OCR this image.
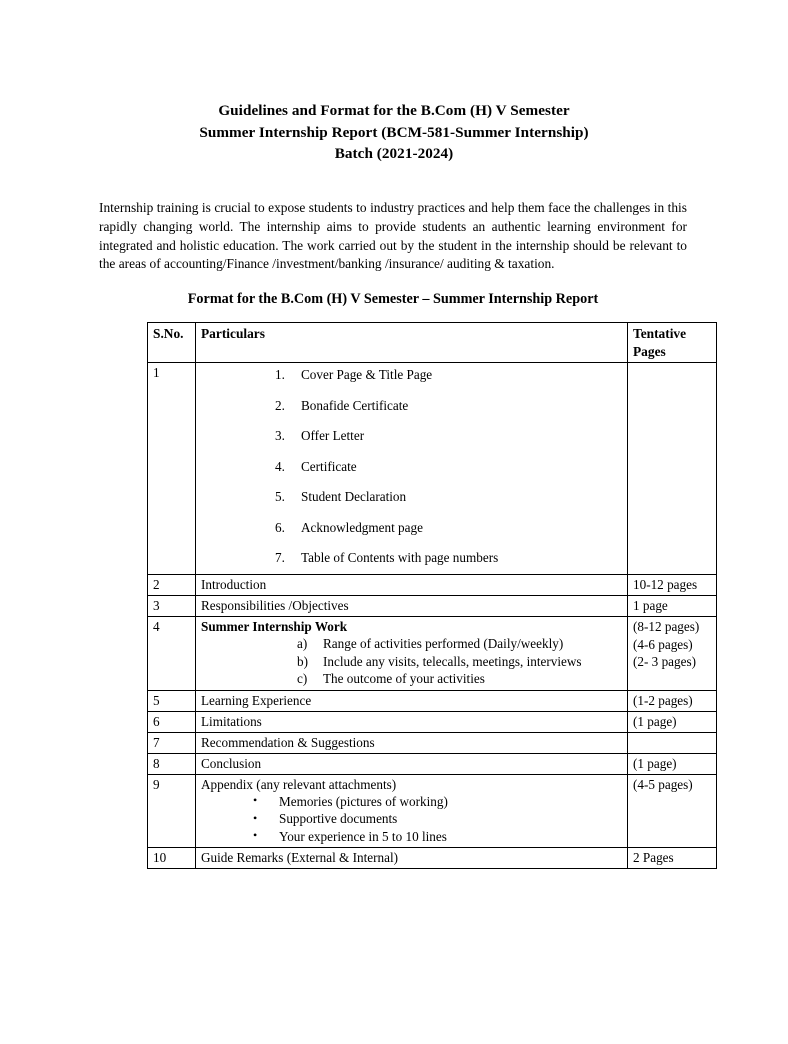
Guidelines and Format for the B.Com (H) V Semester
Summer Internship Report (BCM-581-Summer Internship)
Batch (2021-2024)

Internship training is crucial to expose students to industry practices and help them face the challenges in this rapidly changing world. The internship aims to provide students an authentic learning environment for integrated and holistic education. The work carried out by the student in the internship should be relevant to the areas of accounting/Finance /investment/banking /insurance/ auditing & taxation.

Format for the B.Com (H) V Semester – Summer Internship Report
S.No.	Particulars	Tentative
Pages
1	1. Cover Page & Title Page
2. Bonafide Certificate
3. Offer Letter
4. Certificate
5. Student Declaration
6. Acknowledgment page
7. Table of Contents with page numbers

2	Introduction	10-12 pages
3	Responsibilities /Objectives	1 page
4	Summer Internship Work
a) Range of activities performed (Daily/weekly)
b) Include any visits, telecalls, meetings, interviews
c) The outcome of your activities
	(8-12 pages)
(4-6 pages)
(2- 3 pages)
5	Learning Experience	(1-2 pages)
6	Limitations	(1 page)
7	Recommendation & Suggestions	
8	Conclusion	(1 page)
9	Appendix (any relevant attachments)
• Memories (pictures of working)
• Supportive documents
• Your experience in 5 to 10 lines
	(4-5 pages)
10	Guide Remarks (External & Internal)	2 Pages
